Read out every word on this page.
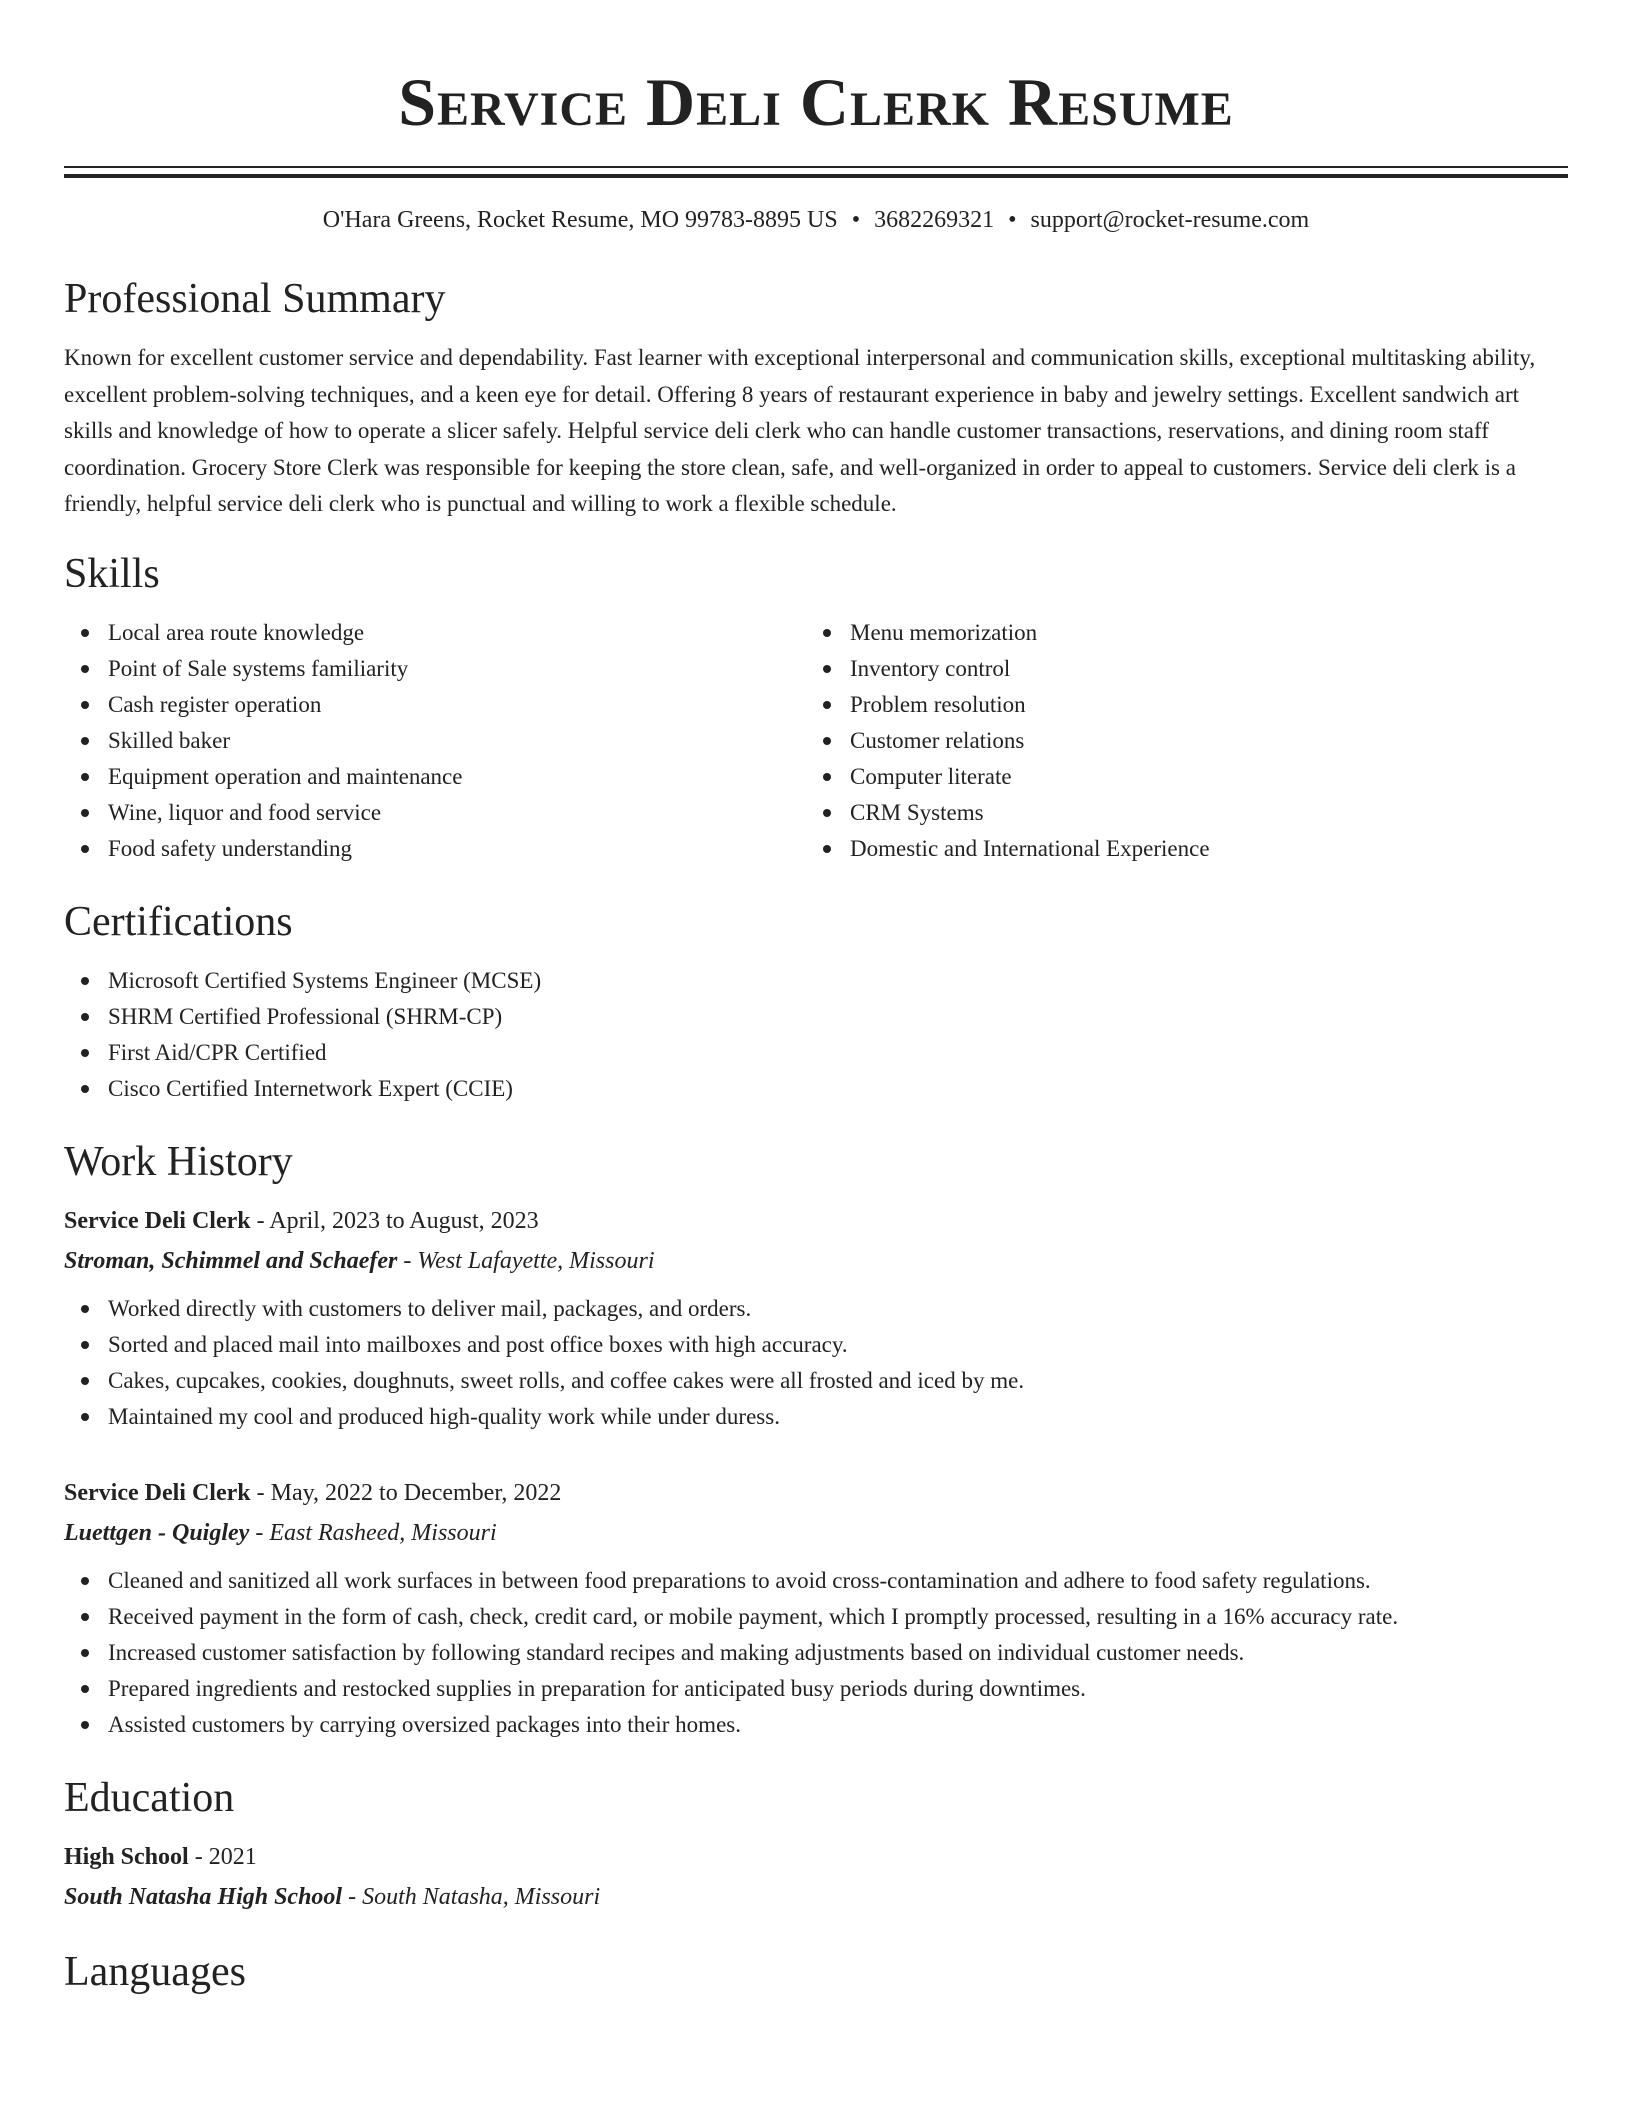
Service Deli Clerk Resume
O'Hara Greens, Rocket Resume, MO 99783-8895 US • 3682269321 • support@rocket-resume.com
Professional Summary
Known for excellent customer service and dependability. Fast learner with exceptional interpersonal and communication skills, exceptional multitasking ability, excellent problem-solving techniques, and a keen eye for detail. Offering 8 years of restaurant experience in baby and jewelry settings. Excellent sandwich art skills and knowledge of how to operate a slicer safely. Helpful service deli clerk who can handle customer transactions, reservations, and dining room staff coordination. Grocery Store Clerk was responsible for keeping the store clean, safe, and well-organized in order to appeal to customers. Service deli clerk is a friendly, helpful service deli clerk who is punctual and willing to work a flexible schedule.
Skills
Local area route knowledge
Point of Sale systems familiarity
Cash register operation
Skilled baker
Equipment operation and maintenance
Wine, liquor and food service
Food safety understanding
Menu memorization
Inventory control
Problem resolution
Customer relations
Computer literate
CRM Systems
Domestic and International Experience
Certifications
Microsoft Certified Systems Engineer (MCSE)
SHRM Certified Professional (SHRM-CP)
First Aid/CPR Certified
Cisco Certified Internetwork Expert (CCIE)
Work History
Service Deli Clerk - April, 2023 to August, 2023
Stroman, Schimmel and Schaefer - West Lafayette, Missouri
Worked directly with customers to deliver mail, packages, and orders.
Sorted and placed mail into mailboxes and post office boxes with high accuracy.
Cakes, cupcakes, cookies, doughnuts, sweet rolls, and coffee cakes were all frosted and iced by me.
Maintained my cool and produced high-quality work while under duress.
Service Deli Clerk - May, 2022 to December, 2022
Luettgen - Quigley - East Rasheed, Missouri
Cleaned and sanitized all work surfaces in between food preparations to avoid cross-contamination and adhere to food safety regulations.
Received payment in the form of cash, check, credit card, or mobile payment, which I promptly processed, resulting in a 16% accuracy rate.
Increased customer satisfaction by following standard recipes and making adjustments based on individual customer needs.
Prepared ingredients and restocked supplies in preparation for anticipated busy periods during downtimes.
Assisted customers by carrying oversized packages into their homes.
Education
High School - 2021
South Natasha High School - South Natasha, Missouri
Languages
